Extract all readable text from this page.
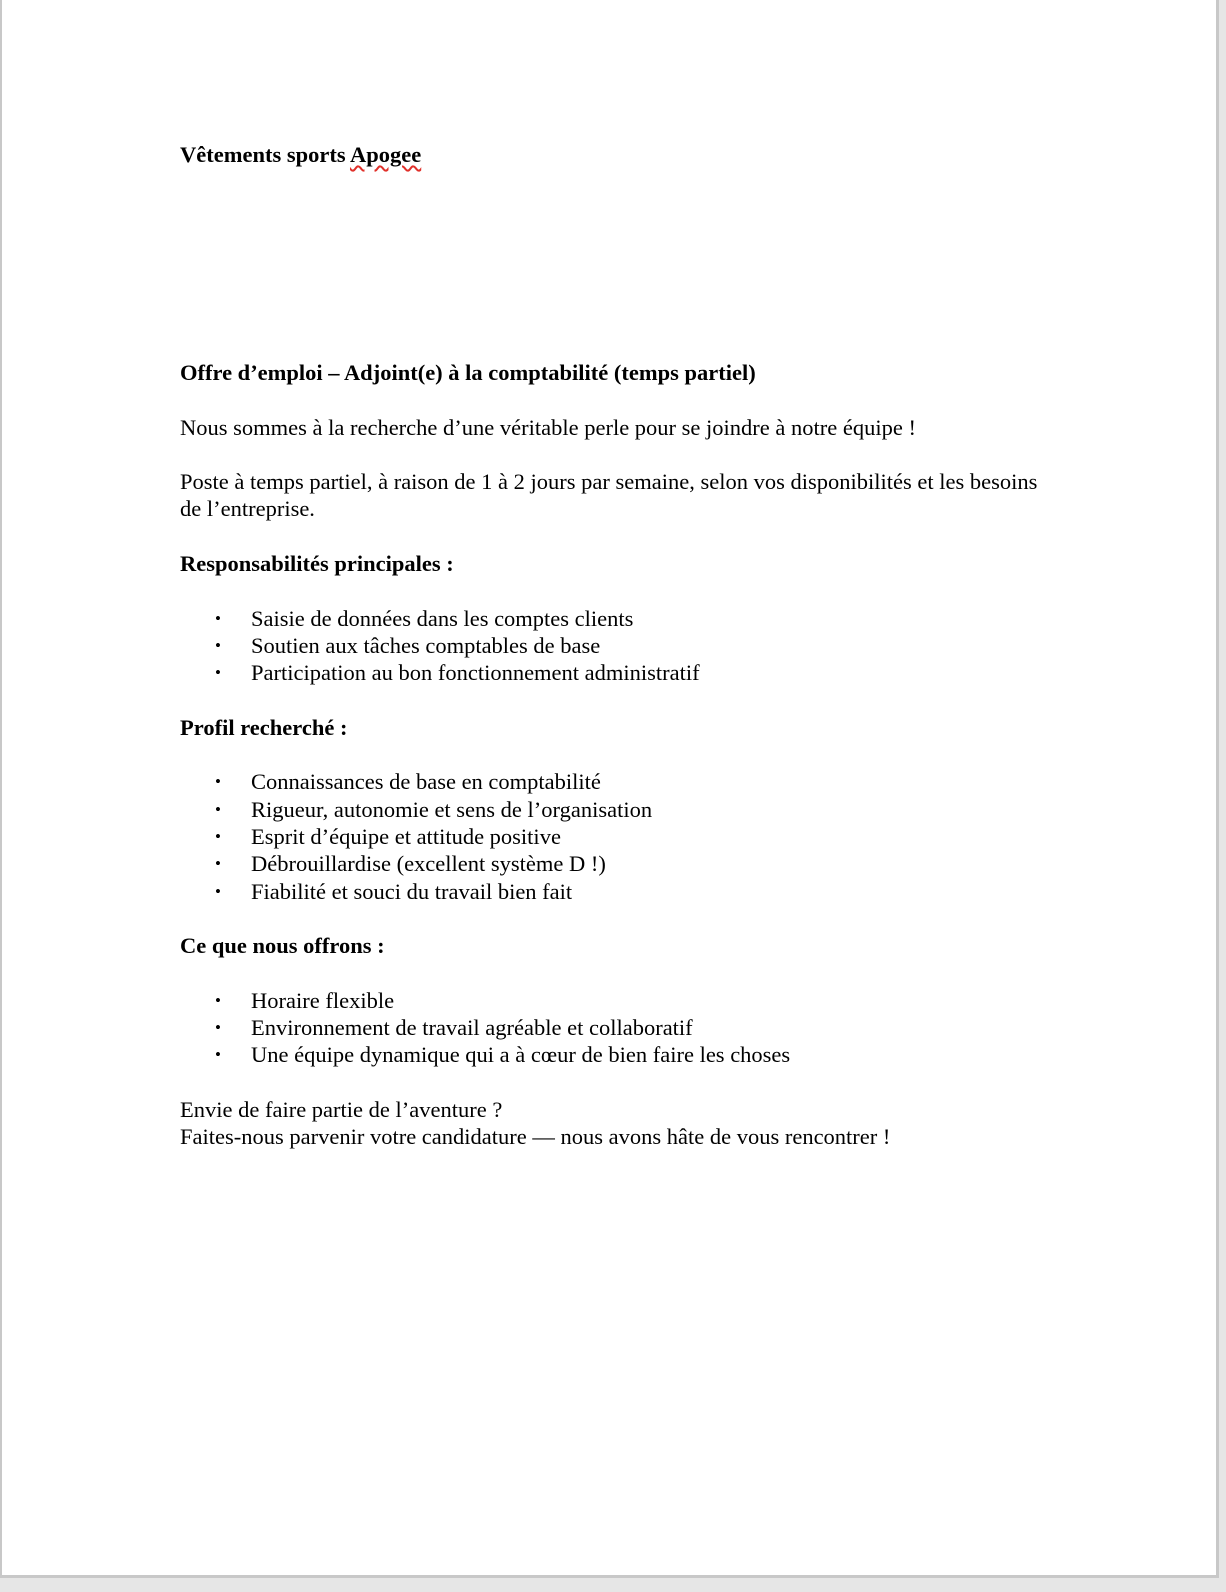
Vêtements sports Apogee

Offre d’emploi – Adjoint(e) à la comptabilité (temps partiel)

Nous sommes à la recherche d’une véritable perle pour se joindre à notre équipe !

Poste à temps partiel, à raison de 1 à 2 jours par semaine, selon vos disponibilités et les besoins de l’entreprise.

Responsabilités principales :

• Saisie de données dans les comptes clients
• Soutien aux tâches comptables de base
• Participation au bon fonctionnement administratif

Profil recherché :

• Connaissances de base en comptabilité
• Rigueur, autonomie et sens de l’organisation
• Esprit d’équipe et attitude positive
• Débrouillardise (excellent système D !)
• Fiabilité et souci du travail bien fait

Ce que nous offrons :

• Horaire flexible
• Environnement de travail agréable et collaboratif
• Une équipe dynamique qui a à cœur de bien faire les choses
Envie de faire partie de l’aventure ?
Faites-nous parvenir votre candidature — nous avons hâte de vous rencontrer !
